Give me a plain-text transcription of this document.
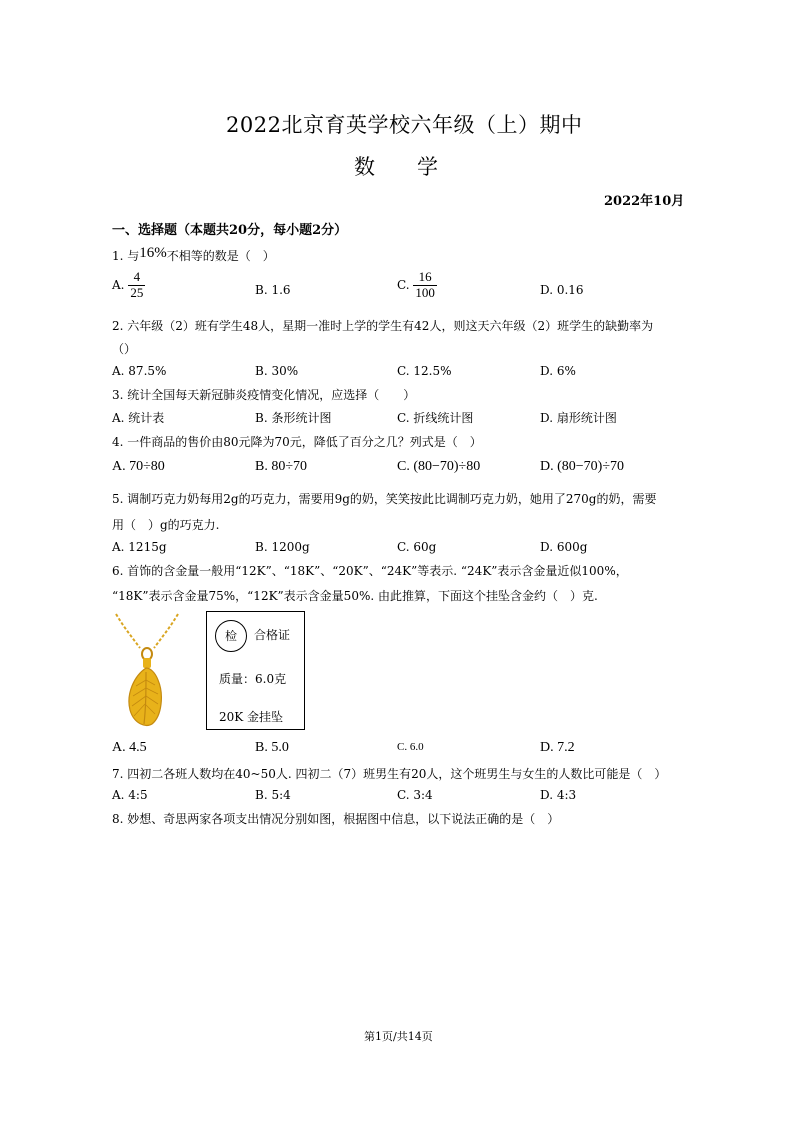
2022北京育英学校六年级（上）期中
数　　学
2022年10月
一、选择题（本题共20分，每小题2分）
1. 与16%不相等的数是（　）
A. $\frac{4}{25}$	B. 1.6	C. $\frac{16}{100}$	D. 0.16
2. 六年级（2）班有学生48人，星期一准时上学的学生有42人，则这天六年级（2）班学生的缺勤率为
（）
A. 87.5%	B. 30%	C. 12.5%	D. 6%
3. 统计全国每天新冠肺炎疫情变化情况，应选择（　　）
A. 统计表	B. 条形统计图	C. 折线统计图	D. 扇形统计图
4. 一件商品的售价由80元降为70元，降低了百分之几？列式是（　）
A. 70÷80	B. 80÷70	C. (80−70)÷80	D. (80−70)÷70
5. 调制巧克力奶每用2g的巧克力，需要用9g的奶，笑笑按此比调制巧克力奶，她用了270g的奶，需要
用（　）g的巧克力.
A. 1215g	B. 1200g	C. 60g	D. 600g
6. 首饰的含金量一般用“12K”、“18K”、“20K”、“24K”等表示. “24K”表示含金量近似100%，
“18K”表示含金量75%，“12K”表示含金量50%. 由此推算，下面这个挂坠含金约（　）克.
检	合格证
质量：6.0克
20K 金挂坠
A. 4.5	B. 5.0	C. 6.0	D. 7.2
7. 四初二各班人数均在40~50人. 四初二（7）班男生有20人，这个班男生与女生的人数比可能是（　）
A. 4:5	B. 5:4	C. 3:4	D. 4:3
8. 妙想、奇思两家各项支出情况分别如图，根据图中信息，以下说法正确的是（　）
第1页/共14页
